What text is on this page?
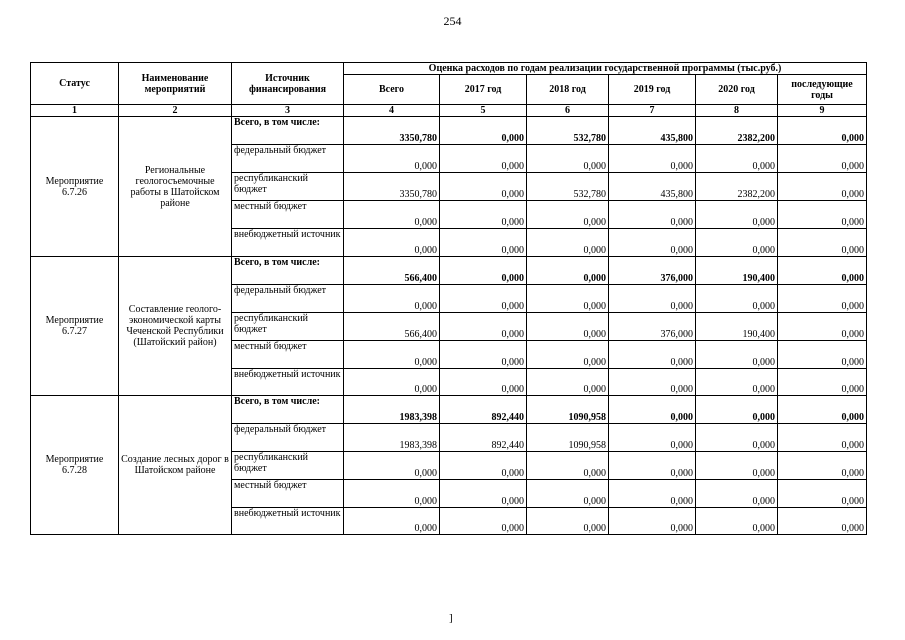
254
Статус	Наименование мероприятий	Источник финансирования	Оценка расходов по годам реализации государственной программы (тыс.руб.)					
			Всего	2017 год	2018 год	2019 год	2020 год	последующие годы
1	2	3	4	5	6	7	8	9
Мероприятие 6.7.26	Региональные геологосъемочные работы в Шатойском районе	Всего, в том числе:	3350,780	0,000	532,780	435,800	2382,200	0,000
		федеральный бюджет	0,000	0,000	0,000	0,000	0,000	0,000
		республиканский бюджет	3350,780	0,000	532,780	435,800	2382,200	0,000
		местный бюджет	0,000	0,000	0,000	0,000	0,000	0,000
		внебюджетный источник	0,000	0,000	0,000	0,000	0,000	0,000
Мероприятие 6.7.27	Составление геолого-экономической карты Чеченской Республики (Шатойский район)	Всего, в том числе:	566,400	0,000	0,000	376,000	190,400	0,000
		федеральный бюджет	0,000	0,000	0,000	0,000	0,000	0,000
		республиканский бюджет	566,400	0,000	0,000	376,000	190,400	0,000
		местный бюджет	0,000	0,000	0,000	0,000	0,000	0,000
		внебюджетный источник	0,000	0,000	0,000	0,000	0,000	0,000
Мероприятие 6.7.28	Создание лесных дорог в Шатойском районе	Всего, в том числе:	1983,398	892,440	1090,958	0,000	0,000	0,000
		федеральный бюджет	1983,398	892,440	1090,958	0,000	0,000	0,000
		республиканский бюджет	0,000	0,000	0,000	0,000	0,000	0,000
		местный бюджет	0,000	0,000	0,000	0,000	0,000	0,000
		внебюджетный источник	0,000	0,000	0,000	0,000	0,000	0,000
]
